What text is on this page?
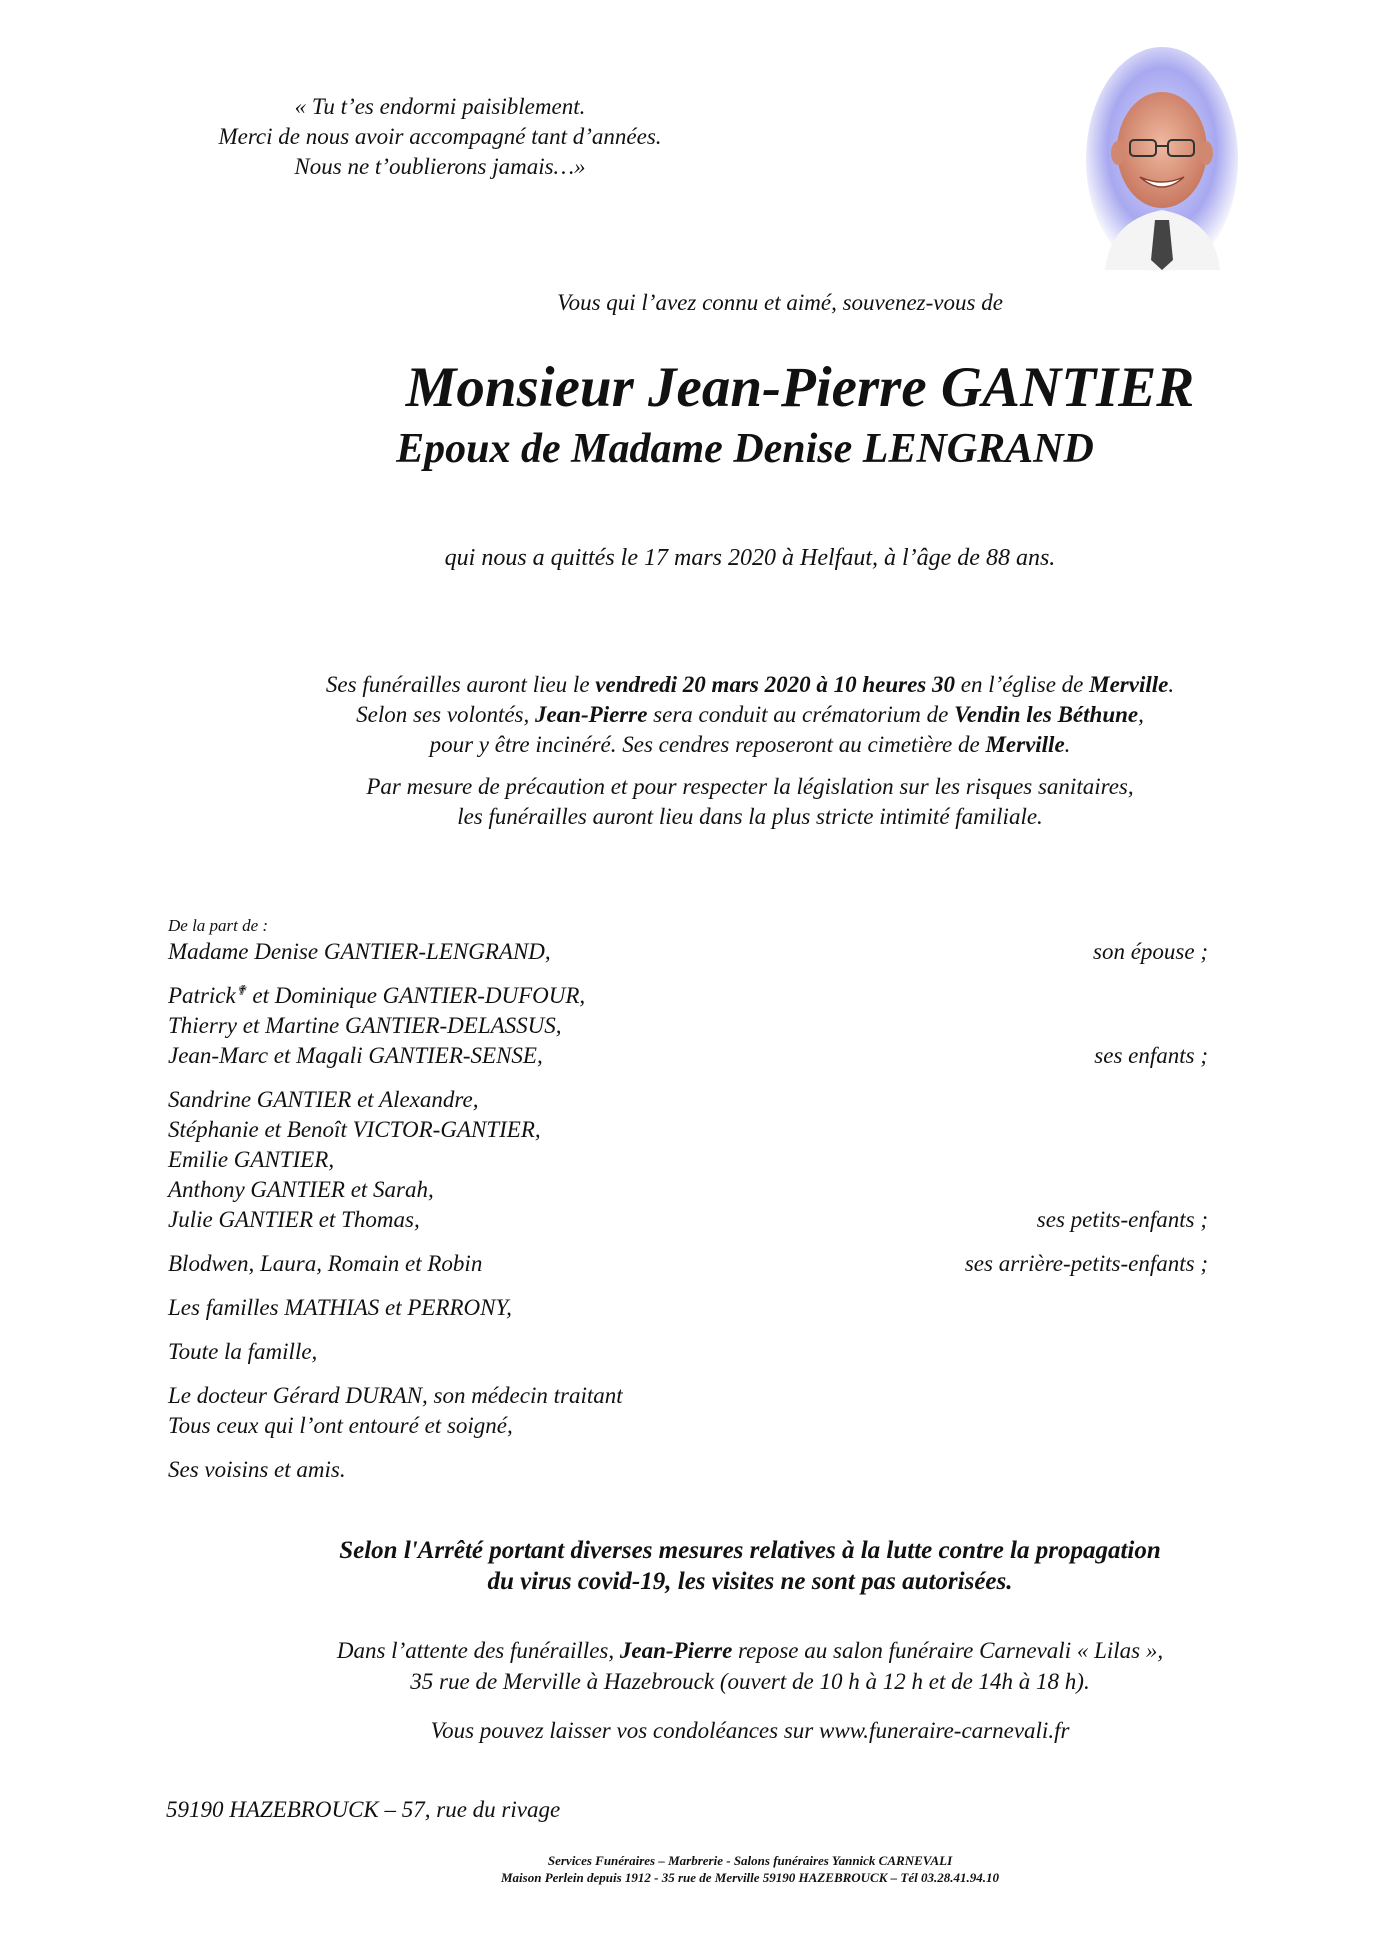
« Tu t’es endormi paisiblement.
Merci de nous avoir accompagné tant d’années.
Nous ne t’oublierons jamais…»
Vous qui l’avez connu et aimé, souvenez-vous de
Monsieur Jean-Pierre GANTIER
Epoux de Madame Denise LENGRAND
qui nous a quittés le 17 mars 2020 à Helfaut, à l’âge de 88 ans.
Ses funérailles auront lieu le vendredi 20 mars 2020 à 10 heures 30 en l’église de Merville.
Selon ses volontés, Jean-Pierre sera conduit au crématorium de Vendin les Béthune,
pour y être incinéré. Ses cendres reposeront au cimetière de Merville.
Par mesure de précaution et pour respecter la législation sur les risques sanitaires,
les funérailles auront lieu dans la plus stricte intimité familiale.
De la part de :
Madame Denise GANTIER-LENGRAND,	son épouse ;
Patrick✟ et Dominique GANTIER-DUFOUR,
Thierry et Martine GANTIER-DELASSUS,
Jean-Marc et Magali GANTIER-SENSE,	ses enfants ;
Sandrine GANTIER et Alexandre,
Stéphanie et Benoît VICTOR-GANTIER,
Emilie GANTIER,
Anthony GANTIER et Sarah,
Julie GANTIER et Thomas,	ses petits-enfants ;
Blodwen, Laura, Romain et Robin	ses arrière-petits-enfants ;
Les familles MATHIAS et PERRONY,
Toute la famille,
Le docteur Gérard DURAN, son médecin traitant
Tous ceux qui l’ont entouré et soigné,
Ses voisins et amis.
Selon l'Arrêté portant diverses mesures relatives à la lutte contre la propagation
du virus covid-19, les visites ne sont pas autorisées.
Dans l’attente des funérailles, Jean-Pierre repose au salon funéraire Carnevali « Lilas »,
35 rue de Merville à Hazebrouck (ouvert de 10 h à 12 h et de 14h à 18 h).
Vous pouvez laisser vos condoléances sur www.funeraire-carnevali.fr
59190 HAZEBROUCK – 57, rue du rivage
Services Funéraires – Marbrerie - Salons funéraires Yannick CARNEVALI
Maison Perlein depuis 1912 - 35 rue de Merville 59190 HAZEBROUCK – Tél 03.28.41.94.10
